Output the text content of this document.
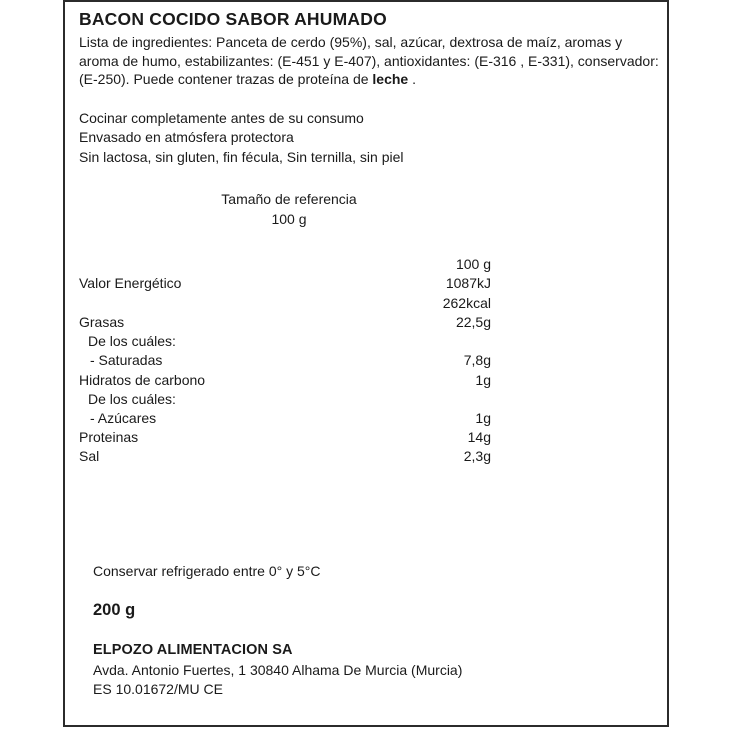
BACON COCIDO SABOR AHUMADO
Lista de ingredientes: Panceta de cerdo (95%), sal, azúcar, dextrosa de maíz, aromas y aroma de humo, estabilizantes: (E-451 y E-407), antioxidantes: (E-316 , E-331), conservador: (E-250). Puede contener trazas de proteína de leche .
Cocinar completamente antes de su consumo
Envasado en atmósfera protectora
Sin lactosa, sin gluten, fin fécula, Sin ternilla, sin piel
Tamaño de referencia
100 g
	100 g
Valor Energético	1087kJ
	262kcal
Grasas	22,5g
De los cuáles:	
- Saturadas	7,8g
Hidratos de carbono	1g
De los cuáles:	
- Azúcares	1g
Proteinas	14g
Sal	2,3g
Conservar refrigerado entre 0° y 5°C
200 g
ELPOZO ALIMENTACION SA
Avda. Antonio Fuertes, 1 30840 Alhama De Murcia (Murcia)
ES 10.01672/MU CE
